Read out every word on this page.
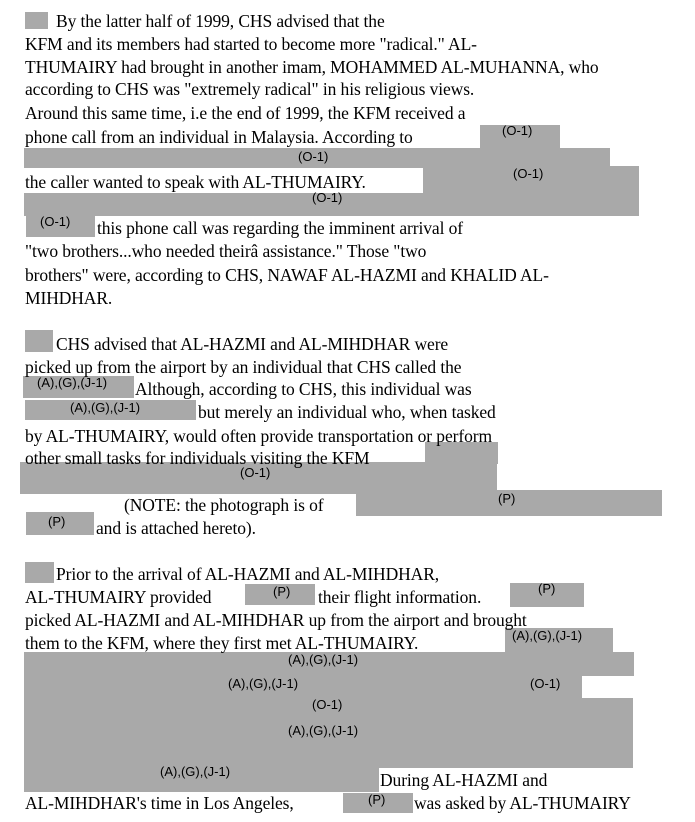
By the latter half of 1999, CHS advised that the
KFM and its members had started to become more "radical." AL-
THUMAIRY had brought in another imam, MOHAMMED AL-MUHANNA, who
according to CHS was "extremely radical" in his religious views.
Around this same time, i.e the end of 1999, the KFM received a
phone call from an individual in Malaysia. According to	(O-1)
(O-1)
the caller wanted to speak with AL-THUMAIRY.	(O-1)
(O-1)
(O-1) this phone call was regarding the imminent arrival of
"two brothers...who needed theirâ assistance." Those "two
brothers" were, according to CHS, NAWAF AL-HAZMI and KHALID AL-
MIHDHAR.
CHS advised that AL-HAZMI and AL-MIHDHAR were
picked up from the airport by an individual that CHS called the
(A),(G),(J-1) Although, according to CHS, this individual was
(A),(G),(J-1)	but merely an individual who, when tasked
by AL-THUMAIRY, would often provide transportation or perform
other small tasks for individuals visiting the KFM
(O-1)
(NOTE: the photograph is of	(P)
(P) and is attached hereto).
Prior to the arrival of AL-HAZMI and AL-MIHDHAR,
AL-THUMAIRY provided	(P) their flight information.	(P)
picked AL-HAZMI and AL-MIHDHAR up from the airport and brought
them to the KFM, where they first met AL-THUMAIRY.	(A),(G),(J-1)
(A),(G),(J-1)
(A),(G),(J-1)	(O-1)
(O-1)
(A),(G),(J-1)
(A),(G),(J-1)	During AL-HAZMI and
AL-MIHDHAR's time in Los Angeles,	(P) was asked by AL-THUMAIRY
